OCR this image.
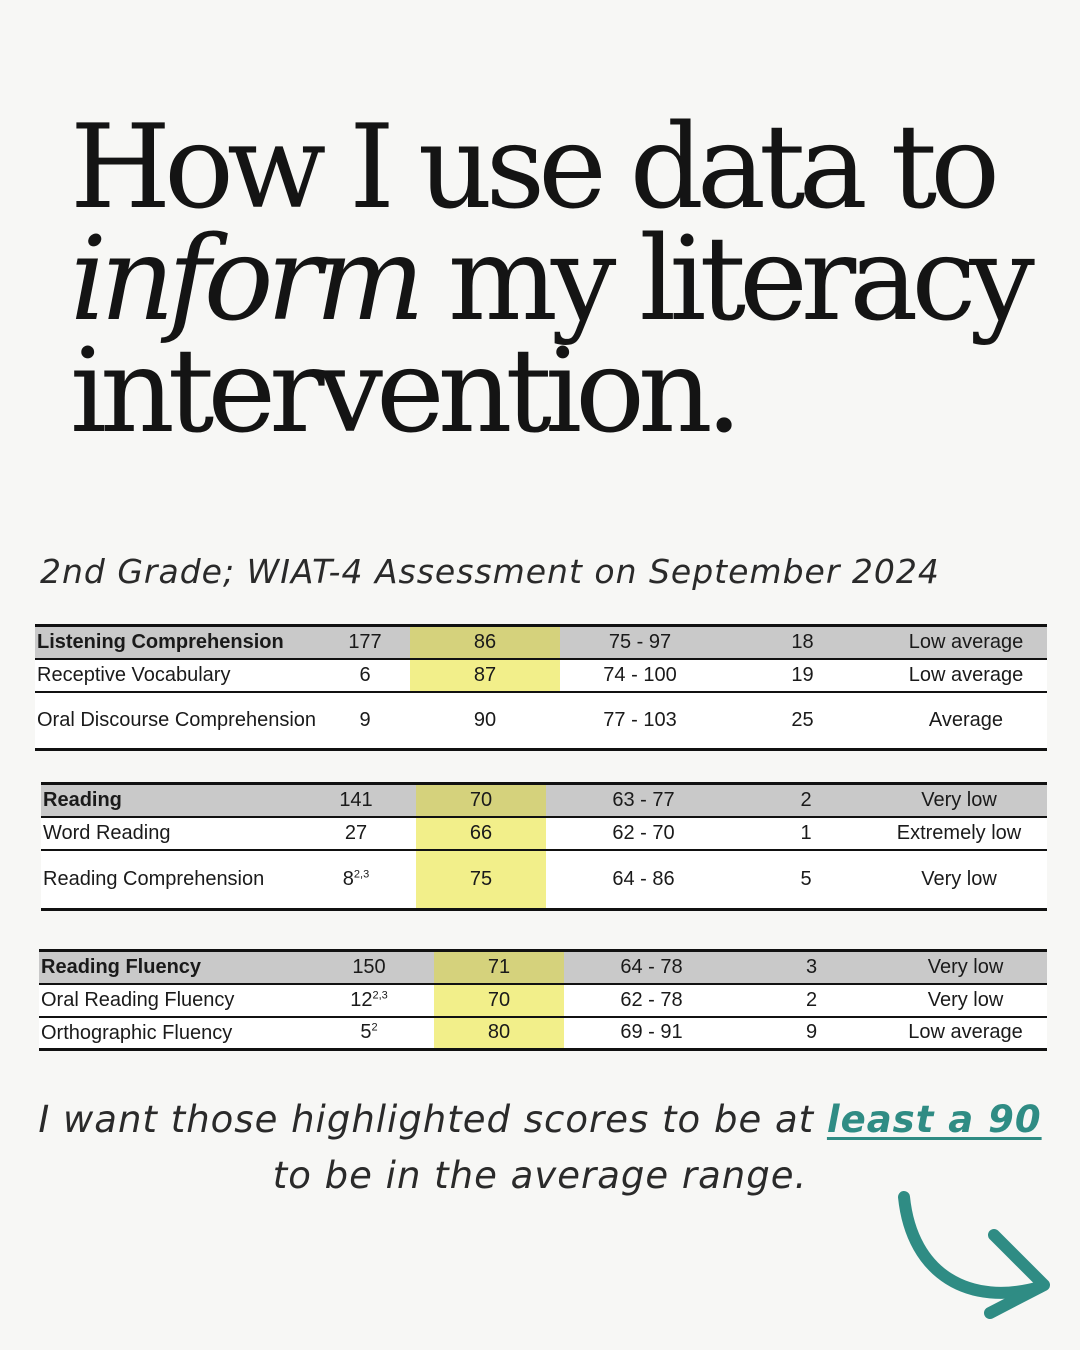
How I use data to
inform my literacy
intervention.
2nd Grade; WIAT-4 Assessment on September 2024
Listening Comprehension	177	86	75 - 97	18	Low average
Receptive Vocabulary	6	87	74 - 100	19	Low average
Oral Discourse Comprehension	9	90	77 - 103	25	Average
Reading	141	70	63 - 77	2	Very low
Word Reading	27	66	62 - 70	1	Extremely low
Reading Comprehension	8$^{2,3}$	75	64 - 86	5	Very low
Reading Fluency	150	71	64 - 78	3	Very low
Oral Reading Fluency	12$^{2,3}$	70	62 - 78	2	Very low
Orthographic Fluency	$5^2$	80	69 - 91	9	Low average
I want those highlighted scores to be at least a 90
to be in the average range.
